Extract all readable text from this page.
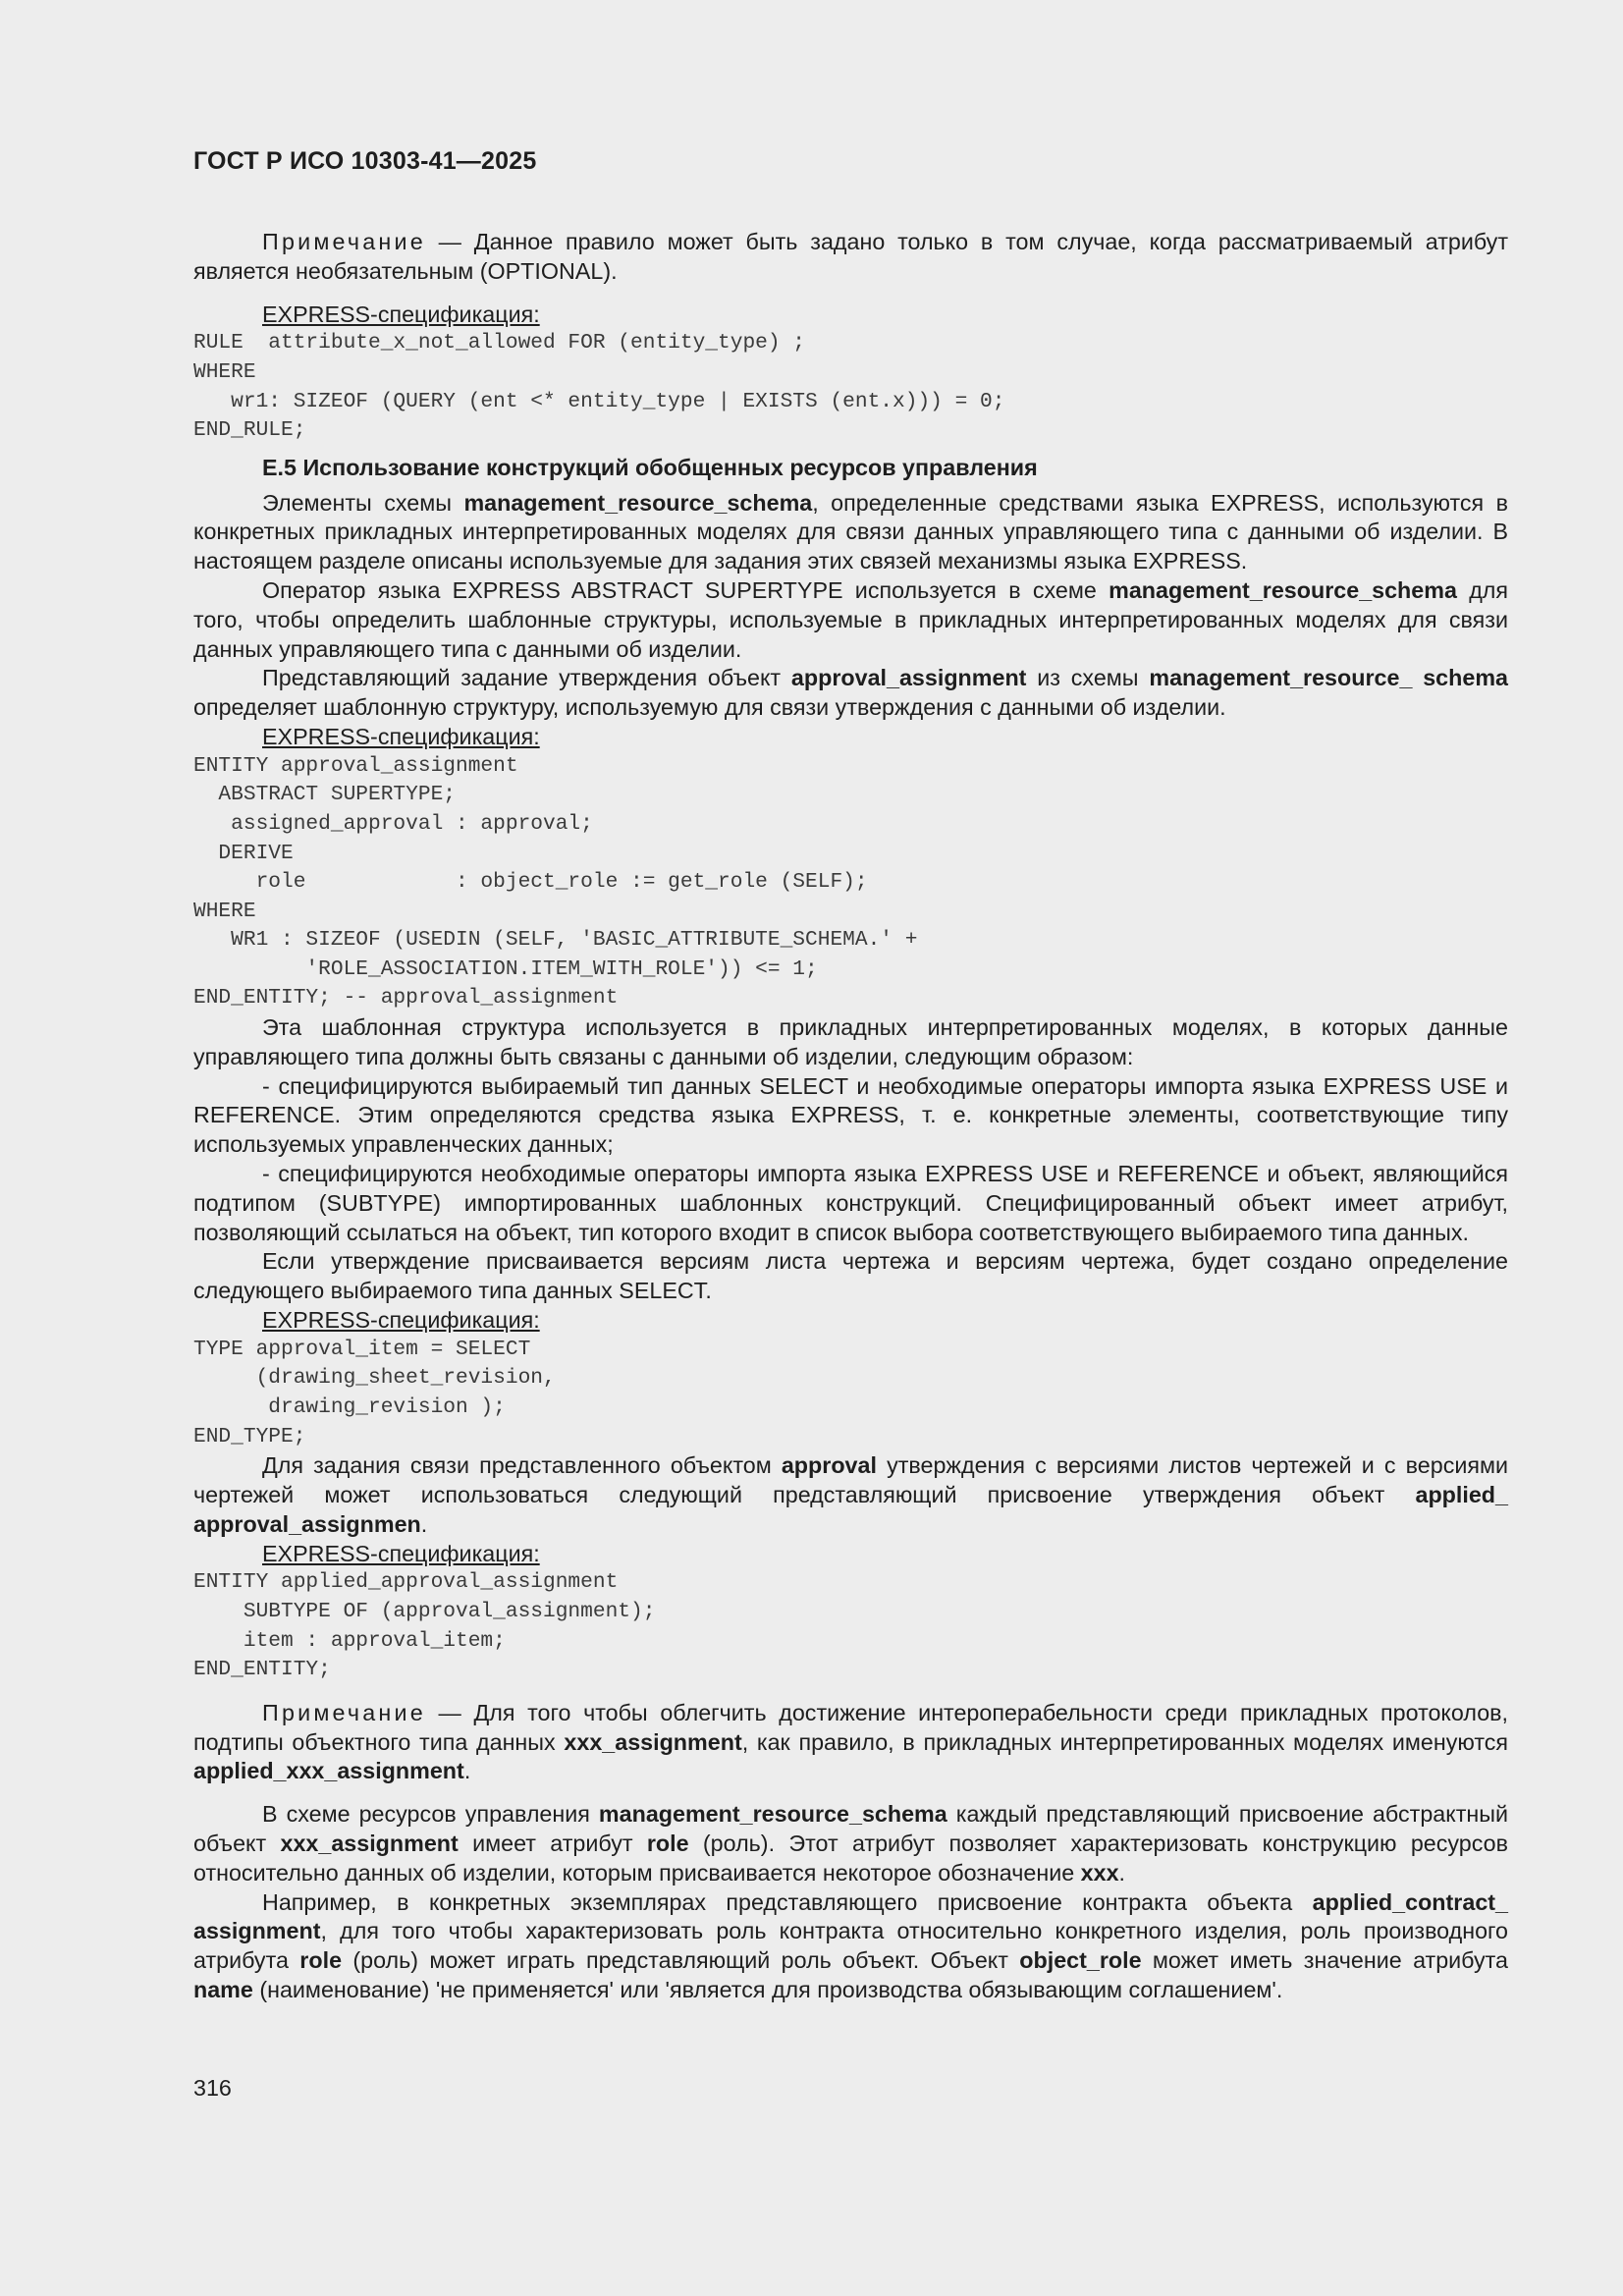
ГОСТ Р ИСО 10303-41—2025

Примечание — Данное правило может быть задано только в том случае, когда рассматриваемый атрибут является необязательным (OPTIONAL).

EXPRESS-спецификация:

RULE  attribute_x_not_allowed FOR (entity_type) ;
WHERE
wr1: SIZEOF (QUERY (ent <* entity_type | EXISTS (ent.x))) = 0;
END_RULE;

Е.5 Использование конструкций обобщенных ресурсов управления

Элементы схемы management_resource_schema, определенные средствами языка EXPRESS, используются в конкретных прикладных интерпретированных моделях для связи данных управляющего типа с данными об изделии. В настоящем разделе описаны используемые для задания этих связей механизмы языка EXPRESS.

Оператор языка EXPRESS ABSTRACT SUPERTYPE используется в схеме management_resource_schema для того, чтобы определить шаблонные структуры, используемые в прикладных интерпретированных моделях для связи данных управляющего типа с данными об изделии.

Представляющий задание утверждения объект approval_assignment из схемы management_resource_ schema определяет шаблонную структуру, используемую для связи утверждения с данными об изделии.

EXPRESS-спецификация:

ENTITY approval_assignment
ABSTRACT SUPERTYPE;
assigned_approval : approval;
DERIVE
role            : object_role := get_role (SELF);
WHERE
WR1 : SIZEOF (USEDIN (SELF, 'BASIC_ATTRIBUTE_SCHEMA.' +
'ROLE_ASSOCIATION.ITEM_WITH_ROLE')) <= 1;
END_ENTITY; -- approval_assignment

Эта шаблонная структура используется в прикладных интерпретированных моделях, в которых данные управляющего типа должны быть связаны с данными об изделии, следующим образом:

- специфицируются выбираемый тип данных SELECT и необходимые операторы импорта языка EXPRESS USE и REFERENCE. Этим определяются средства языка EXPRESS, т. е. конкретные элементы, соответствующие типу используемых управленческих данных;

- специфицируются необходимые операторы импорта языка EXPRESS USE и REFERENCE и объект, являющийся подтипом (SUBTYPE) импортированных шаблонных конструкций. Специфицированный объект имеет атрибут, позволяющий ссылаться на объект, тип которого входит в список выбора соответствующего выбираемого типа данных.

Если утверждение присваивается версиям листа чертежа и версиям чертежа, будет создано определение следующего выбираемого типа данных SELECT.

EXPRESS-спецификация:

TYPE approval_item = SELECT
(drawing_sheet_revision,
drawing_revision );
END_TYPE;

Для задания связи представленного объектом approval утверждения с версиями листов чертежей и с версиями чертежей может использоваться следующий представляющий присвоение утверждения объект applied_ approval_assignmen.

EXPRESS-спецификация:

ENTITY applied_approval_assignment
SUBTYPE OF (approval_assignment);
item : approval_item;
END_ENTITY;

Примечание — Для того чтобы облегчить достижение интероперабельности среди прикладных протоколов, подтипы объектного типа данных xxx_assignment, как правило, в прикладных интерпретированных моделях именуются applied_xxx_assignment.

В схеме ресурсов управления management_resource_schema каждый представляющий присвоение абстрактный объект xxx_assignment имеет атрибут role (роль). Этот атрибут позволяет характеризовать конструкцию ресурсов относительно данных об изделии, которым присваивается некоторое обозначение xxx.

Например, в конкретных экземплярах представляющего присвоение контракта объекта applied_contract_ assignment, для того чтобы характеризовать роль контракта относительно конкретного изделия, роль производного атрибута role (роль) может играть представляющий роль объект. Объект object_role может иметь значение атрибута name (наименование) 'не применяется' или 'является для производства обязывающим соглашением'.

316
